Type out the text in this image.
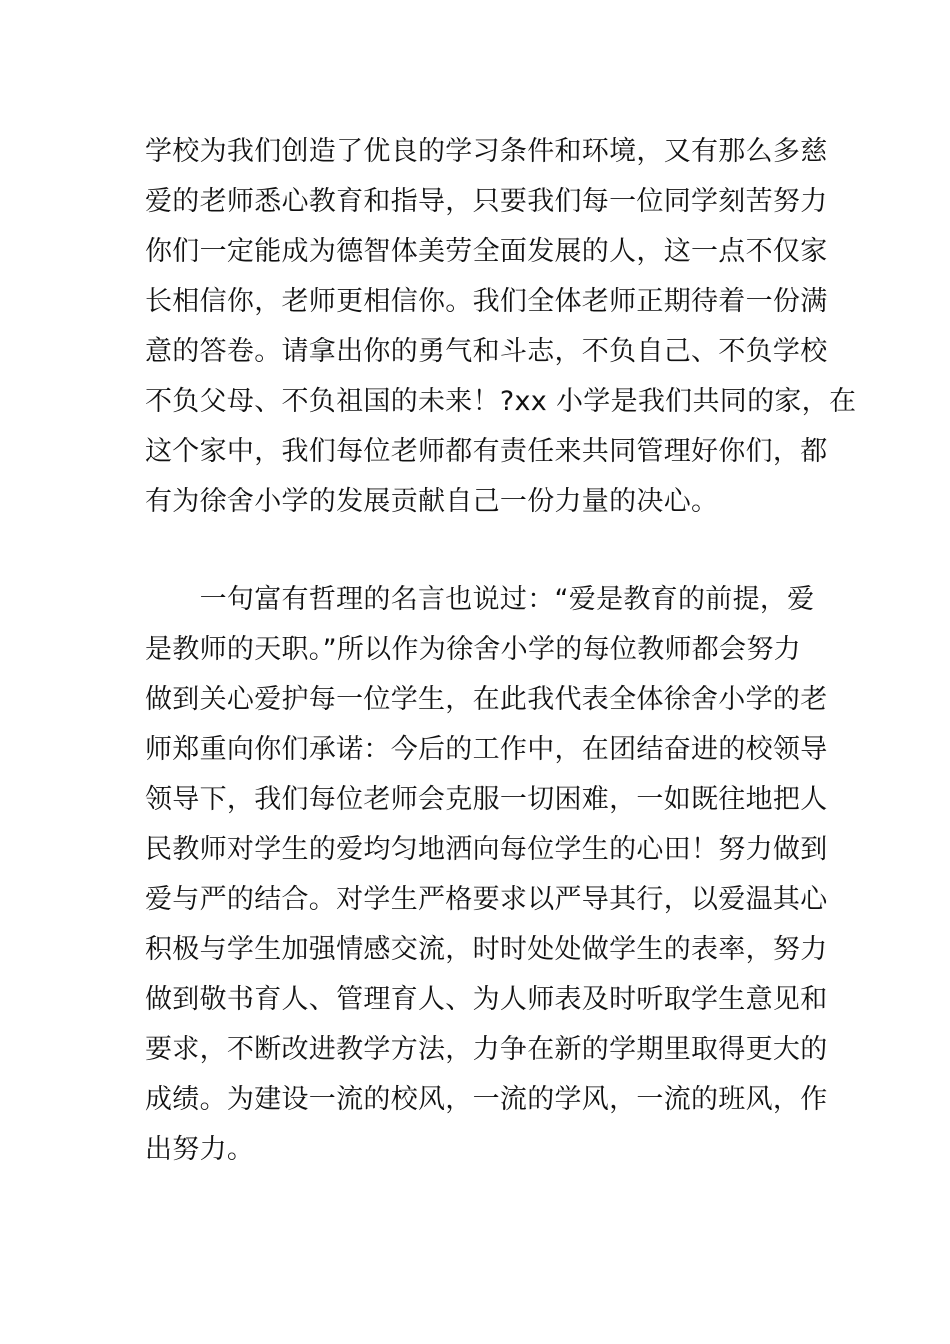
学校为我们创造了优良的学习条件和环境，又有那么多慈
爱的老师悉心教育和指导，只要我们每一位同学刻苦努力
你们一定能成为德智体美劳全面发展的人，这一点不仅家
长相信你，老师更相信你。我们全体老师正期待着一份满
意的答卷。请拿出你的勇气和斗志，不负自己、不负学校
不负父母、不负祖国的未来！?xx 小学是我们共同的家，在
这个家中，我们每位老师都有责任来共同管理好你们，都
有为徐舍小学的发展贡献自己一份力量的决心。
　　一句富有哲理的名言也说过：“爱是教育的前提，爱
是教师的天职。”所以作为徐舍小学的每位教师都会努力
做到关心爱护每一位学生，在此我代表全体徐舍小学的老
师郑重向你们承诺：今后的工作中，在团结奋进的校领导
领导下，我们每位老师会克服一切困难，一如既往地把人
民教师对学生的爱均匀地洒向每位学生的心田！努力做到
爱与严的结合。对学生严格要求以严导其行，以爱温其心
积极与学生加强情感交流，时时处处做学生的表率，努力
做到敬书育人、管理育人、为人师表及时听取学生意见和
要求，不断改进教学方法，力争在新的学期里取得更大的
成绩。为建设一流的校风，一流的学风，一流的班风，作
出努力。
